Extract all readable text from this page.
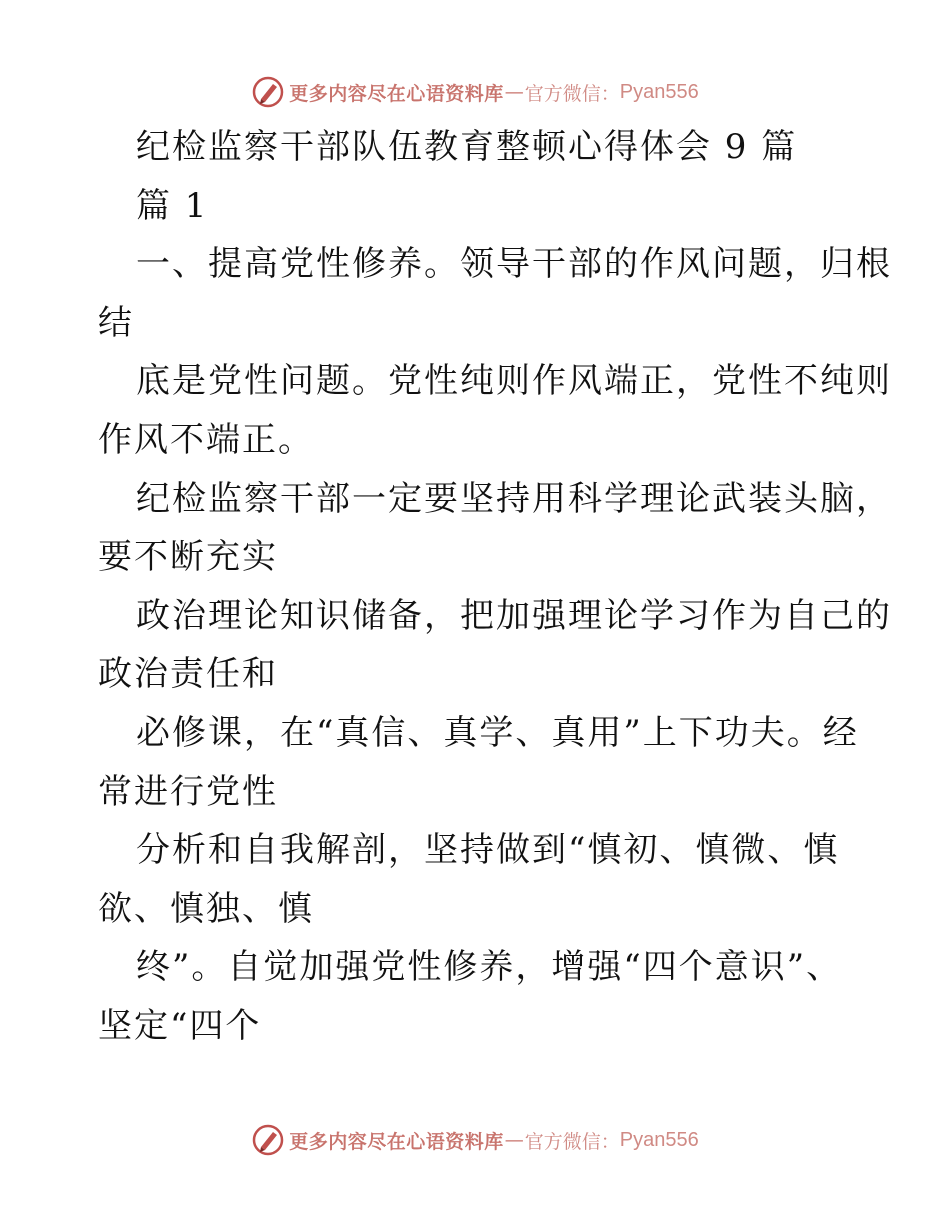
更多内容尽在心语资料库 — 官方微信： Pyan556
纪检监察干部队伍教育整顿心得体会 9 篇
篇 1
一、提高党性修养。领导干部的作风问题，归根
结
底是党性问题。党性纯则作风端正，党性不纯则
作风不端正。
纪检监察干部一定要坚持用科学理论武装头脑，
要不断充实
政治理论知识储备，把加强理论学习作为自己的
政治责任和
必修课，在“真信、真学、真用”上下功夫。经
常进行党性
分析和自我解剖，坚持做到“慎初、慎微、慎
欲、慎独、慎
终”。自觉加强党性修养，增强“四个意识”、
坚定“四个
更多内容尽在心语资料库 — 官方微信： Pyan556
